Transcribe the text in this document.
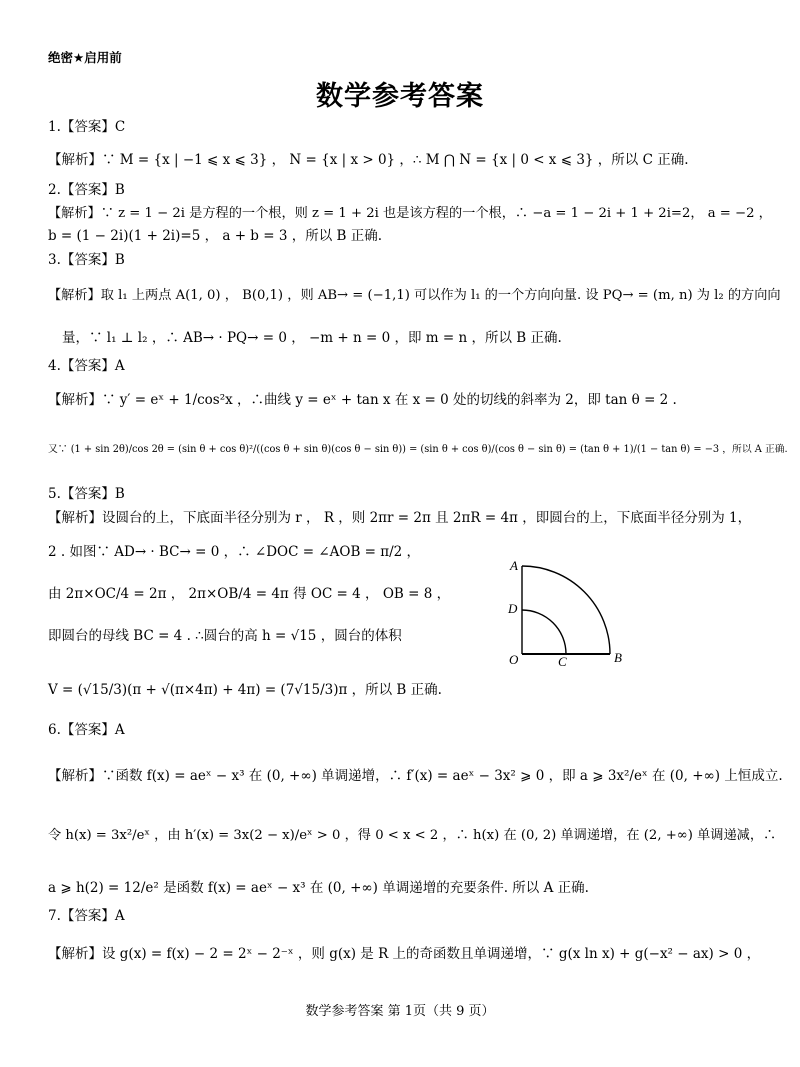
绝密★启用前
数学参考答案
1.【答案】C
【解析】∵ M = {x | −1 ⩽ x ⩽ 3} ， N = {x | x > 0} ，∴ M ⋂ N = {x | 0 < x ⩽ 3} ，所以 C 正确.
2.【答案】B
【解析】∵ z = 1 − 2i 是方程的一个根，则 z = 1 + 2i 也是该方程的一个根，∴ −a = 1 − 2i + 1 + 2i=2， a = −2 ，
b = (1 − 2i)(1 + 2i)=5 ， a + b = 3 ，所以 B 正确.
3.【答案】B
【解析】取 l₁ 上两点 A(1, 0) ， B(0,1) ，则 AB→ = (−1,1) 可以作为 l₁ 的一个方向向量. 设 PQ→ = (m, n) 为 l₂ 的方向向
量，∵ l₁ ⊥ l₂ ，∴ AB→ · PQ→ = 0 ， −m + n = 0 ，即 m = n ，所以 B 正确.
4.【答案】A
【解析】∵ y′ = eˣ + 1/cos²x ，∴曲线 y = eˣ + tan x 在 x = 0 处的切线的斜率为 2，即 tan θ = 2 .
又∵ (1 + sin 2θ)/cos 2θ = (sin θ + cos θ)²/((cos θ + sin θ)(cos θ − sin θ)) = (sin θ + cos θ)/(cos θ − sin θ) = (tan θ + 1)/(1 − tan θ) = −3 ，所以 A 正确.
5.【答案】B
【解析】设圆台的上，下底面半径分别为 r ， R ，则 2πr = 2π 且 2πR = 4π ，即圆台的上，下底面半径分别为 1，
2 . 如图∵ AD→ · BC→ = 0 ，∴ ∠DOC = ∠AOB = π/2 ，
由 2π×OC/4 = 2π ， 2π×OB/4 = 4π 得 OC = 4 ， OB = 8 ，
即圆台的母线 BC = 4 . ∴圆台的高 h = √15 ，圆台的体积
V = (√15/3)(π + √(π×4π) + 4π) = (7√15/3)π ，所以 B 正确.
A
D
O	C	B
6.【答案】A
【解析】∵函数 f(x) = aeˣ − x³ 在 (0, +∞) 单调递增，∴ f′(x) = aeˣ − 3x² ⩾ 0 ，即 a ⩾ 3x²/eˣ 在 (0, +∞) 上恒成立.
令 h(x) = 3x²/eˣ ，由 h′(x) = 3x(2 − x)/eˣ > 0 ，得 0 < x < 2 ，∴ h(x) 在 (0, 2) 单调递增，在 (2, +∞) 单调递减，∴
a ⩾ h(2) = 12/e² 是函数 f(x) = aeˣ − x³ 在 (0, +∞) 单调递增的充要条件. 所以 A 正确.
7.【答案】A
【解析】设 g(x) = f(x) − 2 = 2ˣ − 2⁻ˣ ，则 g(x) 是 R 上的奇函数且单调递增，∵ g(x ln x) + g(−x² − ax) > 0 ，
数学参考答案 第 1页（共 9 页）
